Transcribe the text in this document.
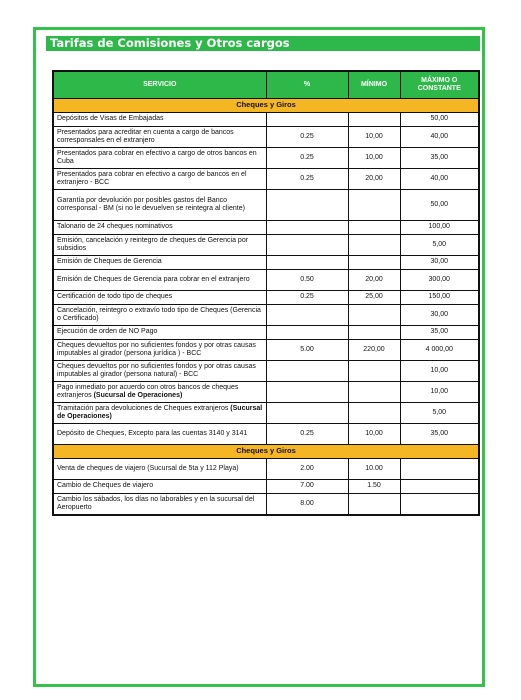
Tarifas de Comisiones y Otros cargos
SERVICIO	%	MÍNIMO	MÁXIMO O CONSTANTE
Cheques y Giros			
Depósitos de Visas de Embajadas			50,00
Presentados para acreditar en cuenta a cargo de bancos corresponsales en el extranjero	0.25	10,00	40,00
Presentados para cobrar en efectivo a cargo de otros bancos en Cuba	0.25	10,00	35,00
Presentados para cobrar en efectivo a cargo de bancos en el extranjero - BCC	0.25	20,00	40,00
Garantía por devolución por posibles gastos del Banco corresponsal - BM (si no le devuelven se reintegra al cliente)			50,00
Talonario de 24 cheques nominativos			100,00
Emisión, cancelación y reintegro de cheques de Gerencia por subsidios			5,00
Emisión de Cheques de Gerencia			30,00
Emisión de Cheques de Gerencia para cobrar en el extranjero	0.50	20,00	300,00
Certificación de todo tipo de cheques	0.25	25,00	150,00
Cancelación, reintegro o extravío todo tipo de Cheques (Gerencia o Certificado)			30,00
Ejecución de orden de NO Pago			35,00
Cheques devueltos por no suficientes fondos y por otras causas imputables al girador (persona jurídica ) - BCC	5.00	220,00	4 000,00
Cheques devueltos por no suficientes fondos y por otras causas imputables al girador (persona natural) - BCC			10,00
Pago inmediato por acuerdo con otros bancos de cheques extranjeros (Sucursal de Operaciones)			10,00
Tramitación para devoluciones de Cheques extranjeros (Sucursal de Operaciones)			5,00
Depósito de Cheques, Excepto para las cuentas 3140 y 3141	0.25	10,00	35,00
Cheques y Giros			
Venta de cheques de viajero (Sucursal de 5ta y 112 Playa)	2.00	10.00	
Cambio de Cheques de viajero	7.00	1.50	
Cambio los sábados, los días no laborables y en la sucursal del Aeropuerto	8.00		
